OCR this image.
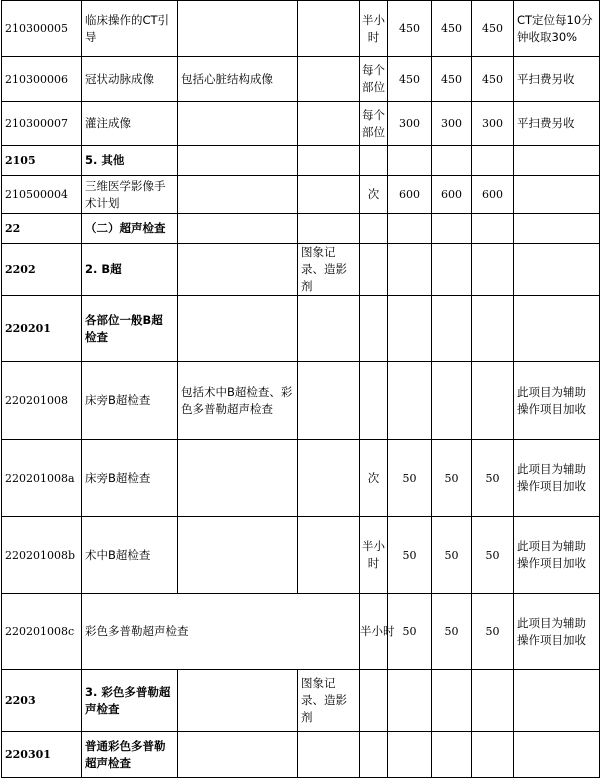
210300005	临床操作的CT引导			半小时	450	450	450	CT定位每10分钟收取30%
210300006	冠状动脉成像	包括心脏结构成像		每个部位	450	450	450	平扫费另收
210300007	灌注成像			每个部位	300	300	300	平扫费另收
2105	5. 其他							
210500004	三维医学影像手术计划			次	600	600	600	
22	（二）超声检查							
2202	2. B超		图象记录、造影剂					
220201	各部位一般B超检查							
220201008	床旁B超检查	包括术中B超检查、彩色多普勒超声检查						此项目为辅助操作项目加收
220201008a	床旁B超检查			次	50	50	50	此项目为辅助操作项目加收
220201008b	术中B超检查			半小时	50	50	50	此项目为辅助操作项目加收
220201008c	彩色多普勒超声检查			半小时	50	50	50	此项目为辅助操作项目加收
2203	3. 彩色多普勒超声检查		图象记录、造影剂					
220301	普通彩色多普勒超声检查							
